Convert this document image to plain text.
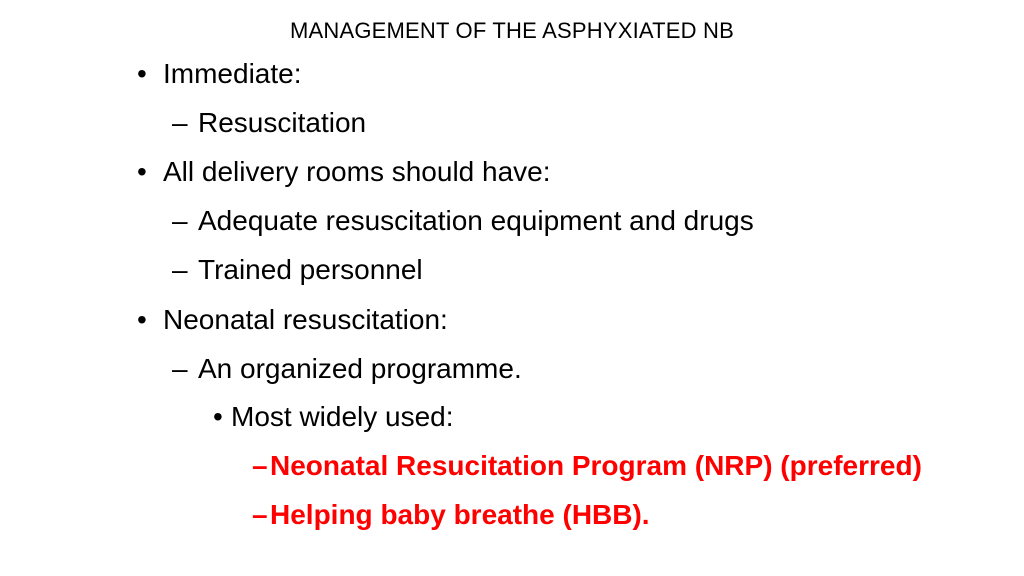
MANAGEMENT OF THE ASPHYXIATED NB
• Immediate:
– Resuscitation
• All delivery rooms should have:
– Adequate resuscitation equipment and drugs
– Trained personnel
• Neonatal resuscitation:
– An organized programme.
• Most widely used:
–Neonatal Resucitation Program (NRP) (preferred)
–Helping baby breathe (HBB).
